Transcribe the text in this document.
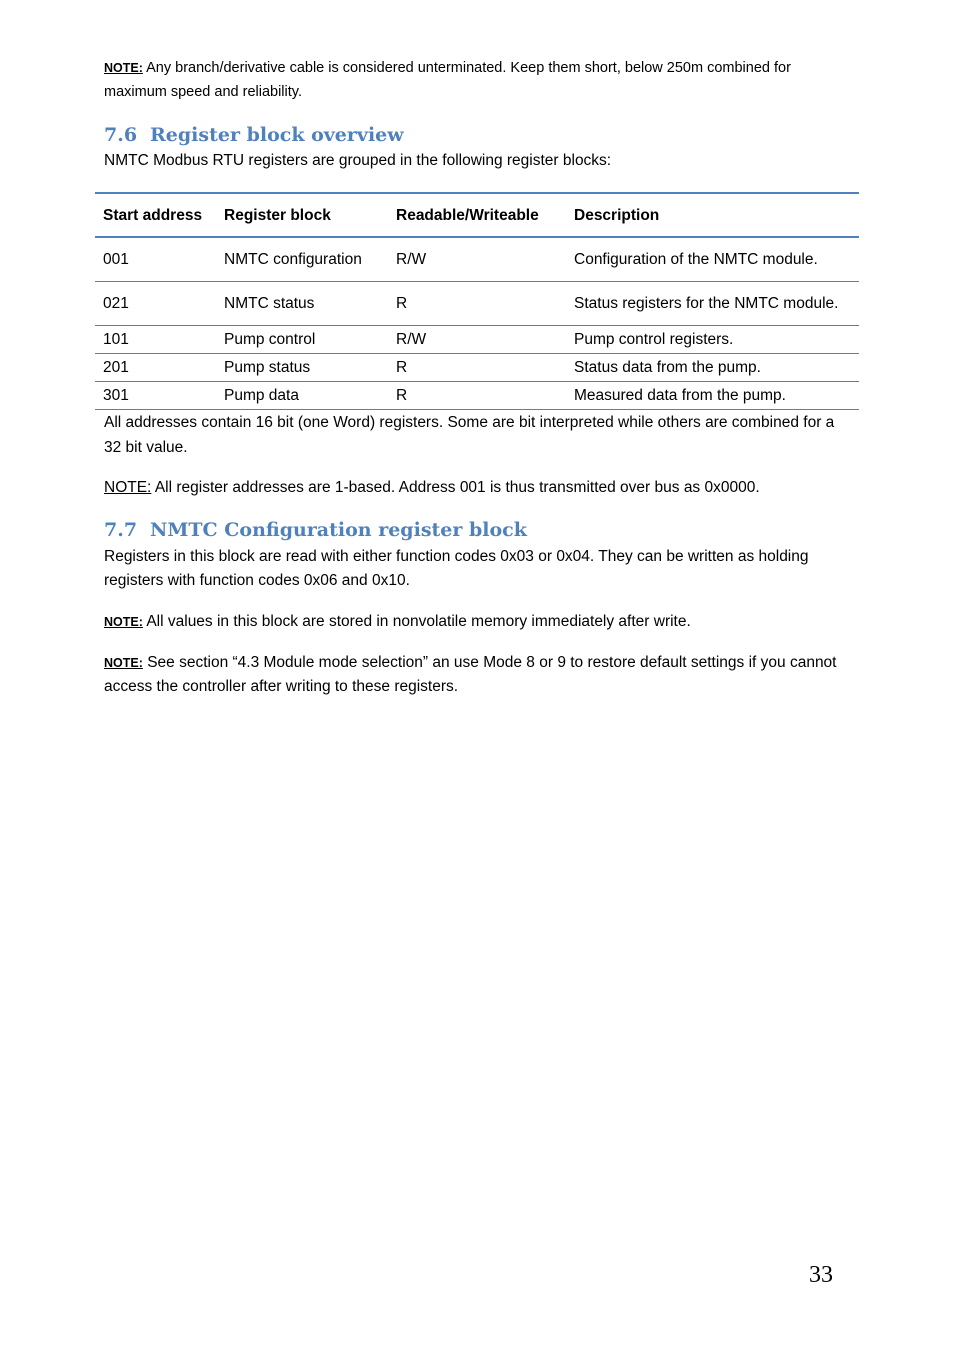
NOTE: Any branch/derivative cable is considered unterminated. Keep them short, below 250m combined for maximum speed and reliability.

7.6 Register block overview

NMTC Modbus RTU registers are grouped in the following register blocks:

Start address	Register block	Readable/Writeable	Description
001	NMTC configuration	R/W	Configuration of the NMTC module.
021	NMTC status	R	Status registers for the NMTC module.
101	Pump control	R/W	Pump control registers.
201	Pump status	R	Status data from the pump.
301	Pump data	R	Measured data from the pump.

All addresses contain 16 bit (one Word) registers. Some are bit interpreted while others are combined for a 32 bit value.

NOTE: All register addresses are 1-based. Address 001 is thus transmitted over bus as 0x0000.

7.7 NMTC Configuration register block

Registers in this block are read with either function codes 0x03 or 0x04. They can be written as holding registers with function codes 0x06 and 0x10.

NOTE: All values in this block are stored in nonvolatile memory immediately after write.

NOTE: See section “4.3 Module mode selection” an use Mode 8 or 9 to restore default settings if you cannot access the controller after writing to these registers.

33
